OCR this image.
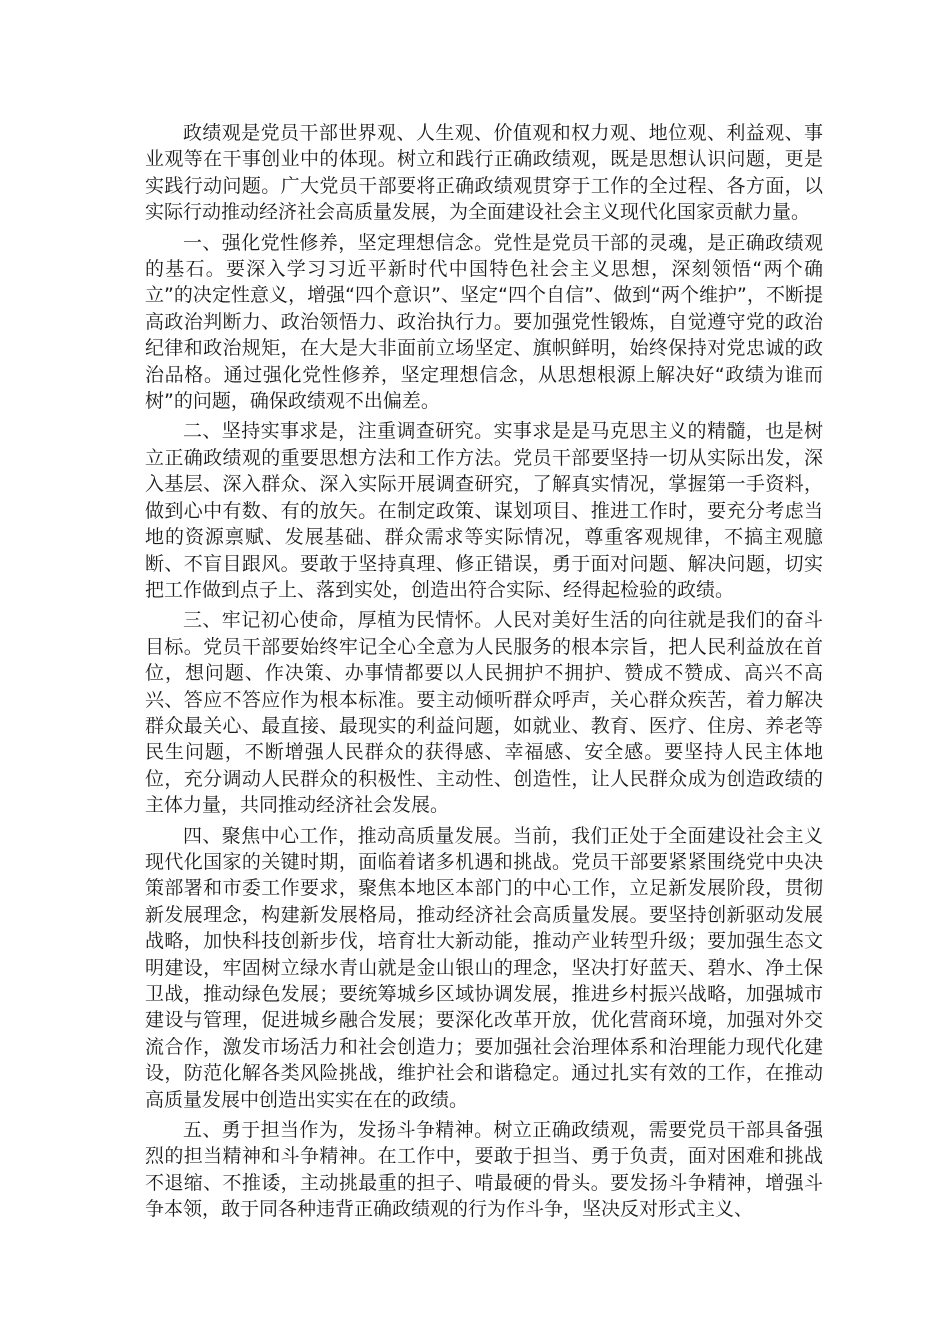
政绩观是党员干部世界观、人生观、价值观和权力观、地位观、利益观、事业观等在干事创业中的体现。树立和践行正确政绩观，既是思想认识问题，更是实践行动问题。广大党员干部要将正确政绩观贯穿于工作的全过程、各方面，以实际行动推动经济社会高质量发展，为全面建设社会主义现代化国家贡献力量。

一、强化党性修养，坚定理想信念。党性是党员干部的灵魂，是正确政绩观的基石。要深入学习习近平新时代中国特色社会主义思想，深刻领悟“两个确立”的决定性意义，增强“四个意识”、坚定“四个自信”、做到“两个维护”，不断提高政治判断力、政治领悟力、政治执行力。要加强党性锻炼，自觉遵守党的政治纪律和政治规矩，在大是大非面前立场坚定、旗帜鲜明，始终保持对党忠诚的政治品格。通过强化党性修养，坚定理想信念，从思想根源上解决好“政绩为谁而树”的问题，确保政绩观不出偏差。

二、坚持实事求是，注重调查研究。实事求是是马克思主义的精髓，也是树立正确政绩观的重要思想方法和工作方法。党员干部要坚持一切从实际出发，深入基层、深入群众、深入实际开展调查研究，了解真实情况，掌握第一手资料，做到心中有数、有的放矢。在制定政策、谋划项目、推进工作时，要充分考虑当地的资源禀赋、发展基础、群众需求等实际情况，尊重客观规律，不搞主观臆断、不盲目跟风。要敢于坚持真理、修正错误，勇于面对问题、解决问题，切实把工作做到点子上、落到实处，创造出符合实际、经得起检验的政绩。

三、牢记初心使命，厚植为民情怀。人民对美好生活的向往就是我们的奋斗目标。党员干部要始终牢记全心全意为人民服务的根本宗旨，把人民利益放在首位，想问题、作决策、办事情都要以人民拥护不拥护、赞成不赞成、高兴不高兴、答应不答应作为根本标准。要主动倾听群众呼声，关心群众疾苦，着力解决群众最关心、最直接、最现实的利益问题，如就业、教育、医疗、住房、养老等民生问题，不断增强人民群众的获得感、幸福感、安全感。要坚持人民主体地位，充分调动人民群众的积极性、主动性、创造性，让人民群众成为创造政绩的主体力量，共同推动经济社会发展。

四、聚焦中心工作，推动高质量发展。当前，我们正处于全面建设社会主义现代化国家的关键时期，面临着诸多机遇和挑战。党员干部要紧紧围绕党中央决策部署和市委工作要求，聚焦本地区本部门的中心工作，立足新发展阶段，贯彻新发展理念，构建新发展格局，推动经济社会高质量发展。要坚持创新驱动发展战略，加快科技创新步伐，培育壮大新动能，推动产业转型升级；要加强生态文明建设，牢固树立绿水青山就是金山银山的理念，坚决打好蓝天、碧水、净土保卫战，推动绿色发展；要统筹城乡区域协调发展，推进乡村振兴战略，加强城市建设与管理，促进城乡融合发展；要深化改革开放，优化营商环境，加强对外交流合作，激发市场活力和社会创造力；要加强社会治理体系和治理能力现代化建设，防范化解各类风险挑战，维护社会和谐稳定。通过扎实有效的工作，在推动高质量发展中创造出实实在在的政绩。

五、勇于担当作为，发扬斗争精神。树立正确政绩观，需要党员干部具备强烈的担当精神和斗争精神。在工作中，要敢于担当、勇于负责，面对困难和挑战不退缩、不推诿，主动挑最重的担子、啃最硬的骨头。要发扬斗争精神，增强斗争本领，敢于同各种违背正确政绩观的行为作斗争，坚决反对形式主义、
